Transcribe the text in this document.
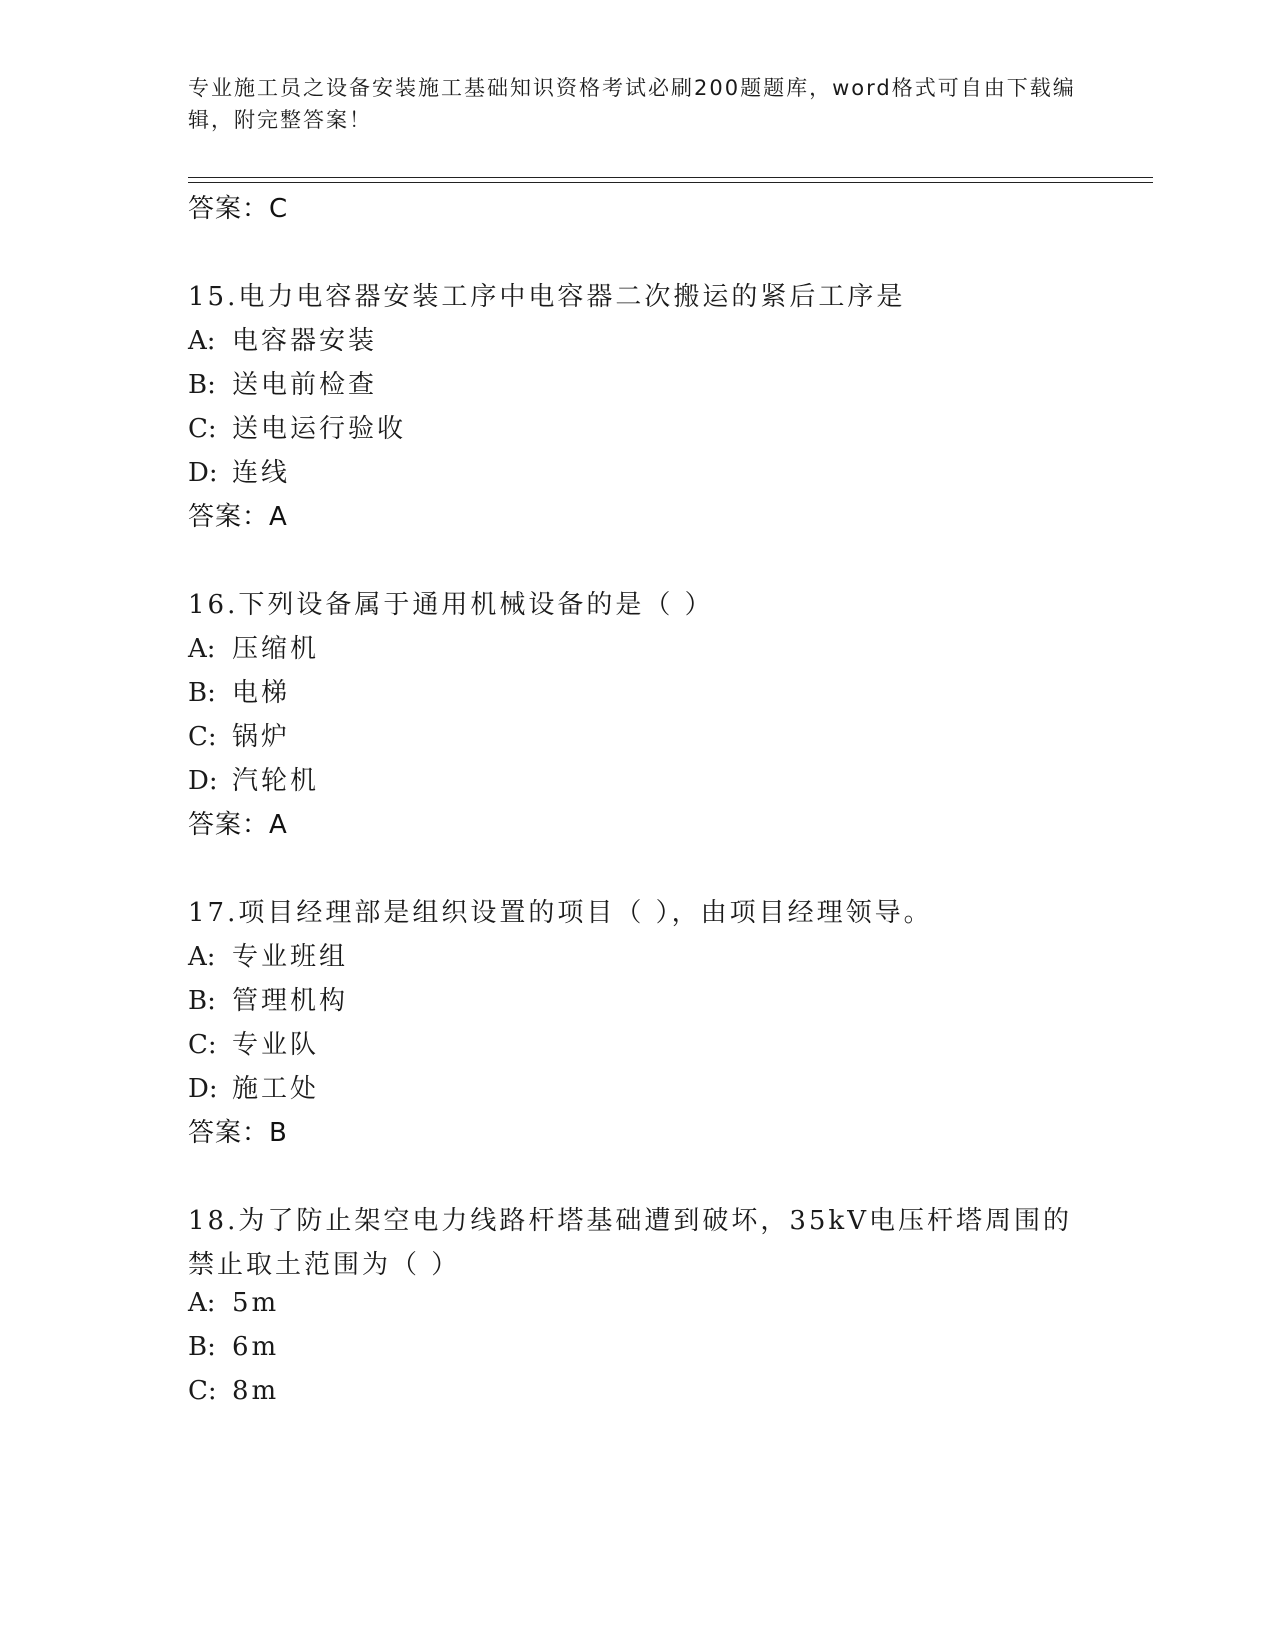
专业施工员之设备安装施工基础知识资格考试必刷200题题库，word格式可自由下载编辑，附完整答案！
答案：C
15.电力电容器安装工序中电容器二次搬运的紧后工序是
A: 电容器安装
B: 送电前检查
C: 送电运行验收
D: 连线
答案：A
16.下列设备属于通用机械设备的是（ ）
A: 压缩机
B: 电梯
C: 锅炉
D: 汽轮机
答案：A
17.项目经理部是组织设置的项目（ ），由项目经理领导。
A: 专业班组
B: 管理机构
C: 专业队
D: 施工处
答案：B
18.为了防止架空电力线路杆塔基础遭到破坏，35kV电压杆塔周围的禁止取土范围为（ ）
A: 5m
B: 6m
C: 8m
